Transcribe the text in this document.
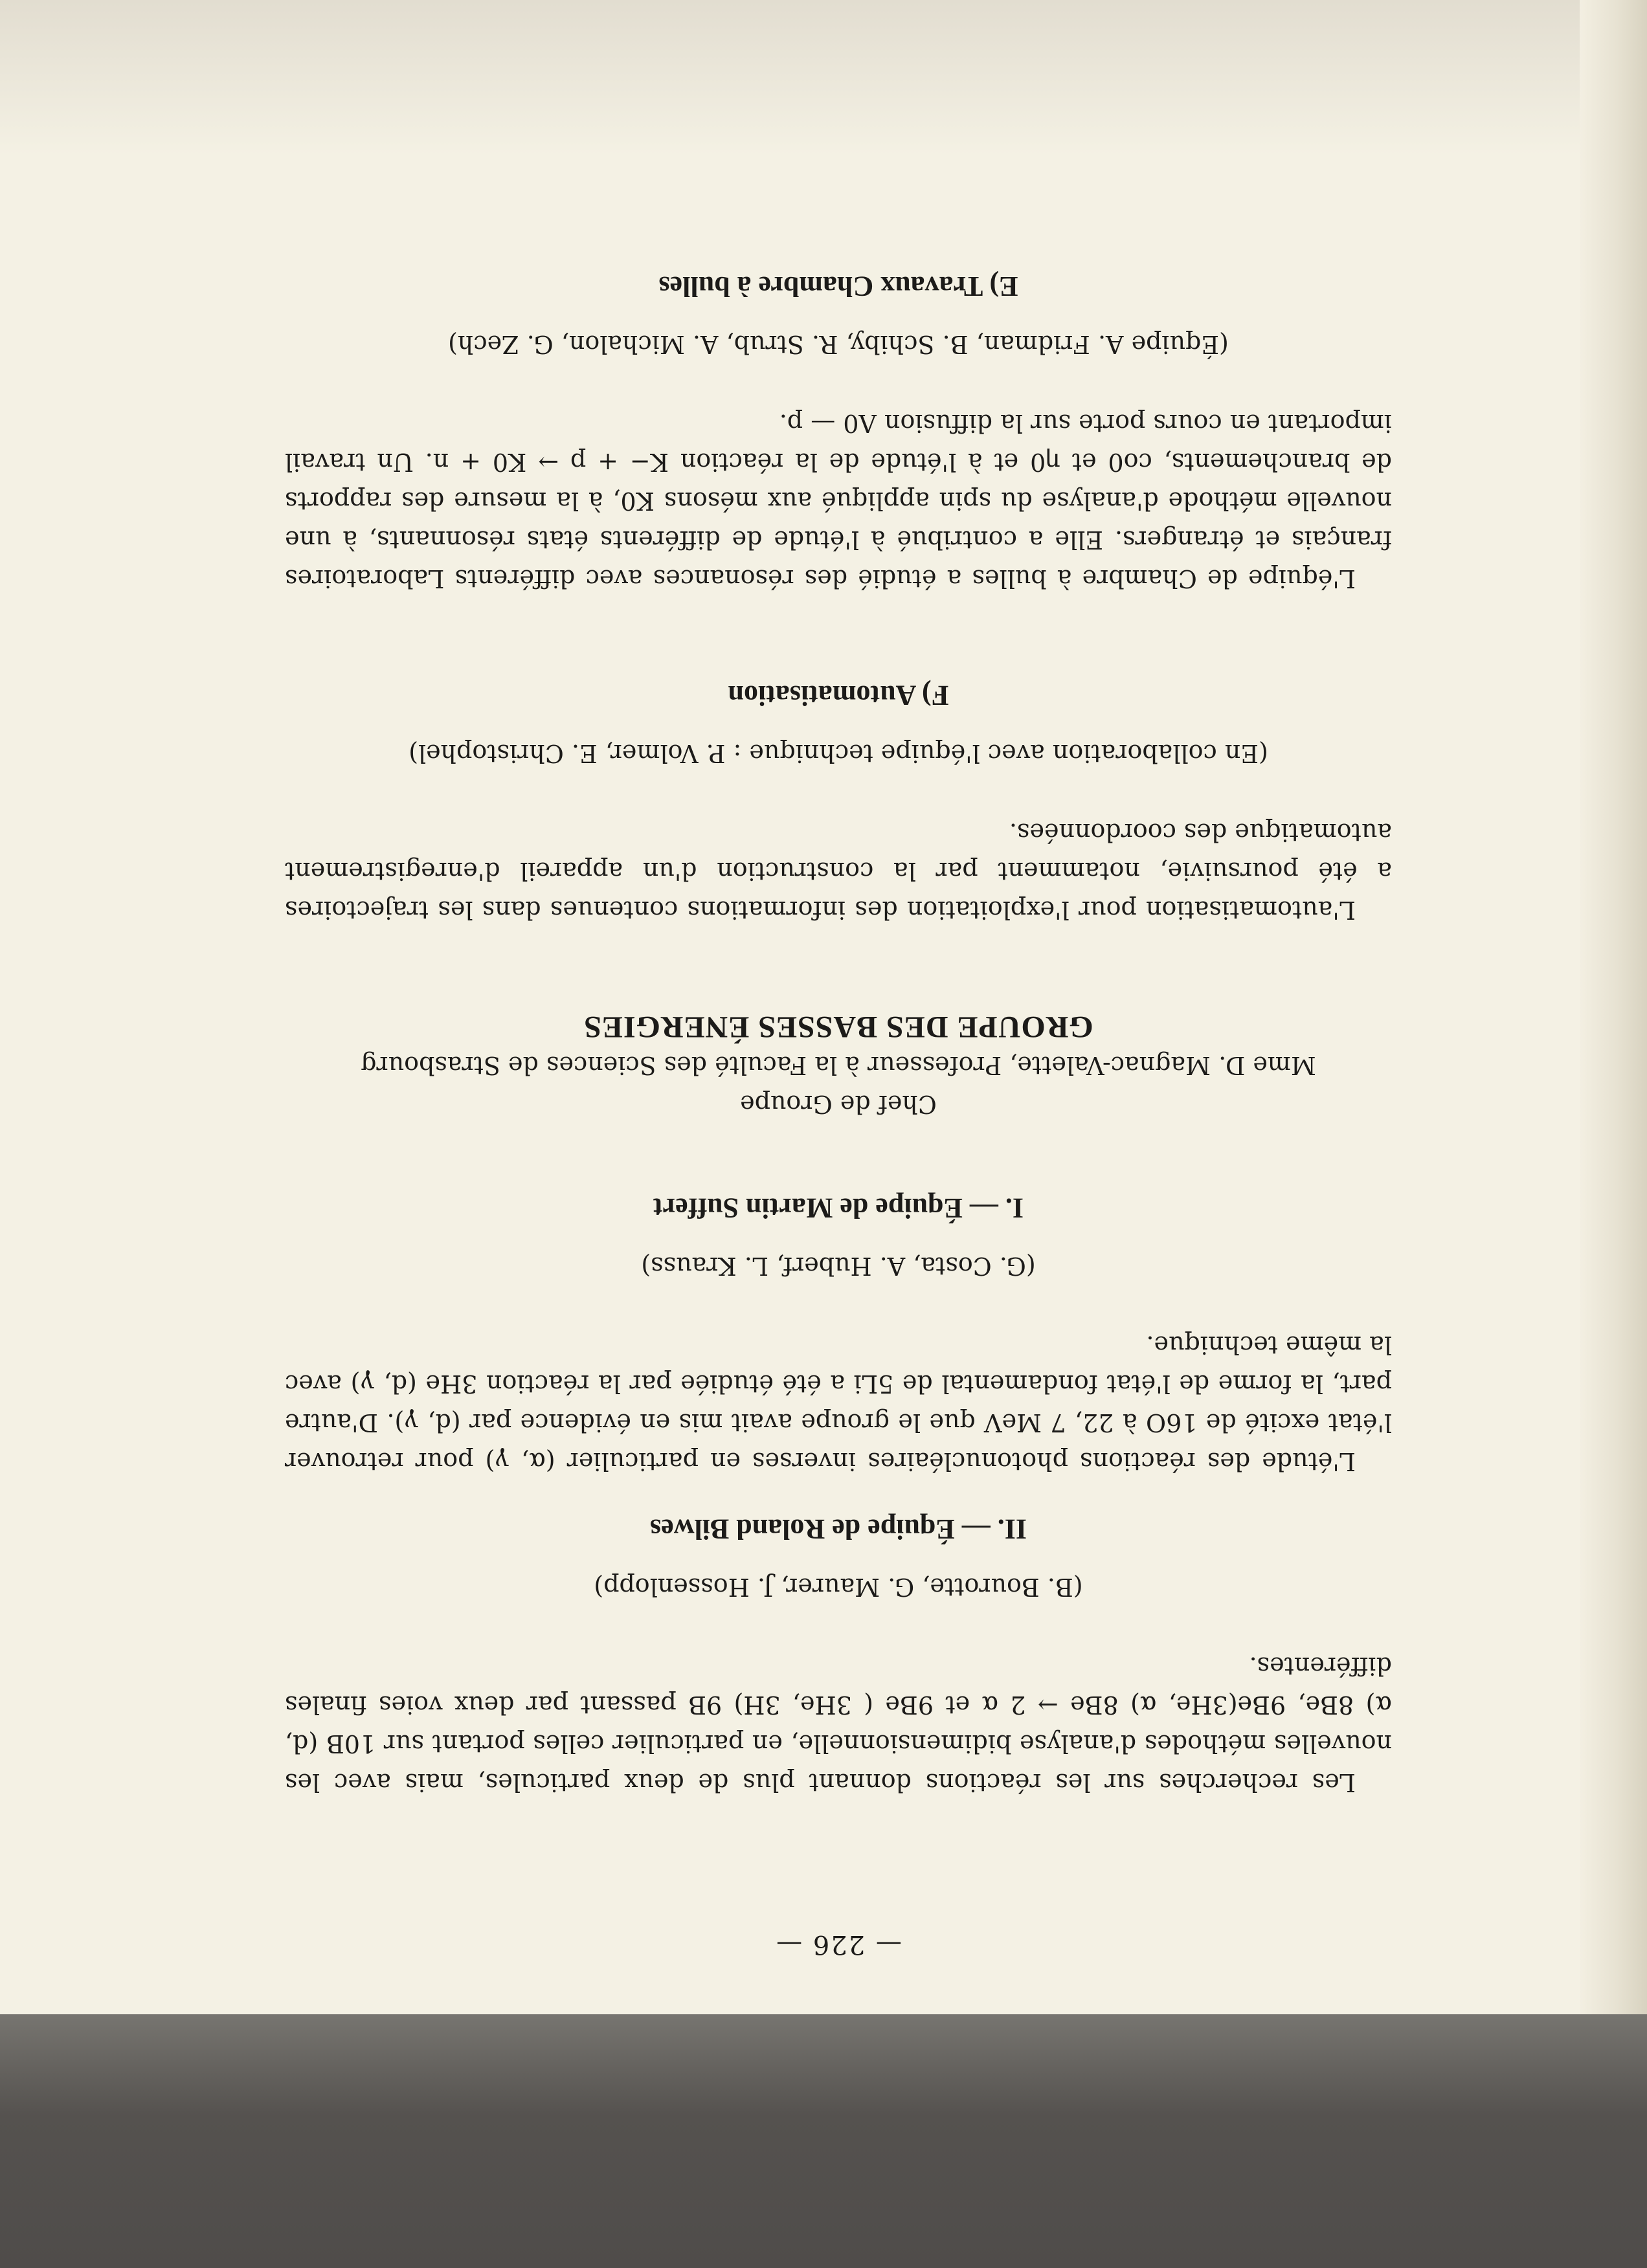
— 226 —

Les recherches sur les réactions donnant plus de deux particules, mais avec les nouvelles méthodes d'analyse bidimensionnelle, en particulier celles portant sur 10B (d, α) 8Be, 9Be(3He, α) 8Be → 2 α et 9Be ( 3He, 3H) 9B passant par deux voies finales différentes.

(B. Bourotte, G. Maurer, J. Hossenlopp)

II. — Équipe de Roland Bilwes

L'étude des réactions photonucléaires inverses en particulier (α, γ) pour retrouver l'état excité de 16O à 22, 7 MeV que le groupe avait mis en évidence par (d, γ). D'autre part, la forme de l'état fondamental de 5Li a été étudiée par la réaction 3He (d, γ) avec la même technique.

(G. Costa, A. Huberf, L. Krauss)

I. — Équipe de Martin Suffert

Chef de Groupe

Mme D. Magnac-Valette, Professeur à la Faculté des Sciences de Strasbourg

GROUPE DES BASSES ÉNERGIES

L'automatisation pour l'exploitation des informations contenues dans les trajectoires a été poursuivie, notamment par la construction d'un appareil d'enregistrement automatique des coordonnées.

(En collaboration avec l'équipe technique : P. Volmer, E. Christophel)

F) Automatisation

L'équipe de Chambre à bulles a étudié des résonances avec différents Laboratoires français et étrangers. Elle a contribué à l'étude de différents états résonnants, à une nouvelle méthode d'analyse du spin appliqué aux mésons K0, à la mesure des rapports de branchements, co0 et η0 et à l'étude de la réaction K− + p → K0 + n. Un travail important en cours porte sur la diffusion Λ0 — p.

(Équipe A. Fridman, B. Schiby, R. Strub, A. Michalon, G. Zech)

E) Travaux Chambre à bulles
